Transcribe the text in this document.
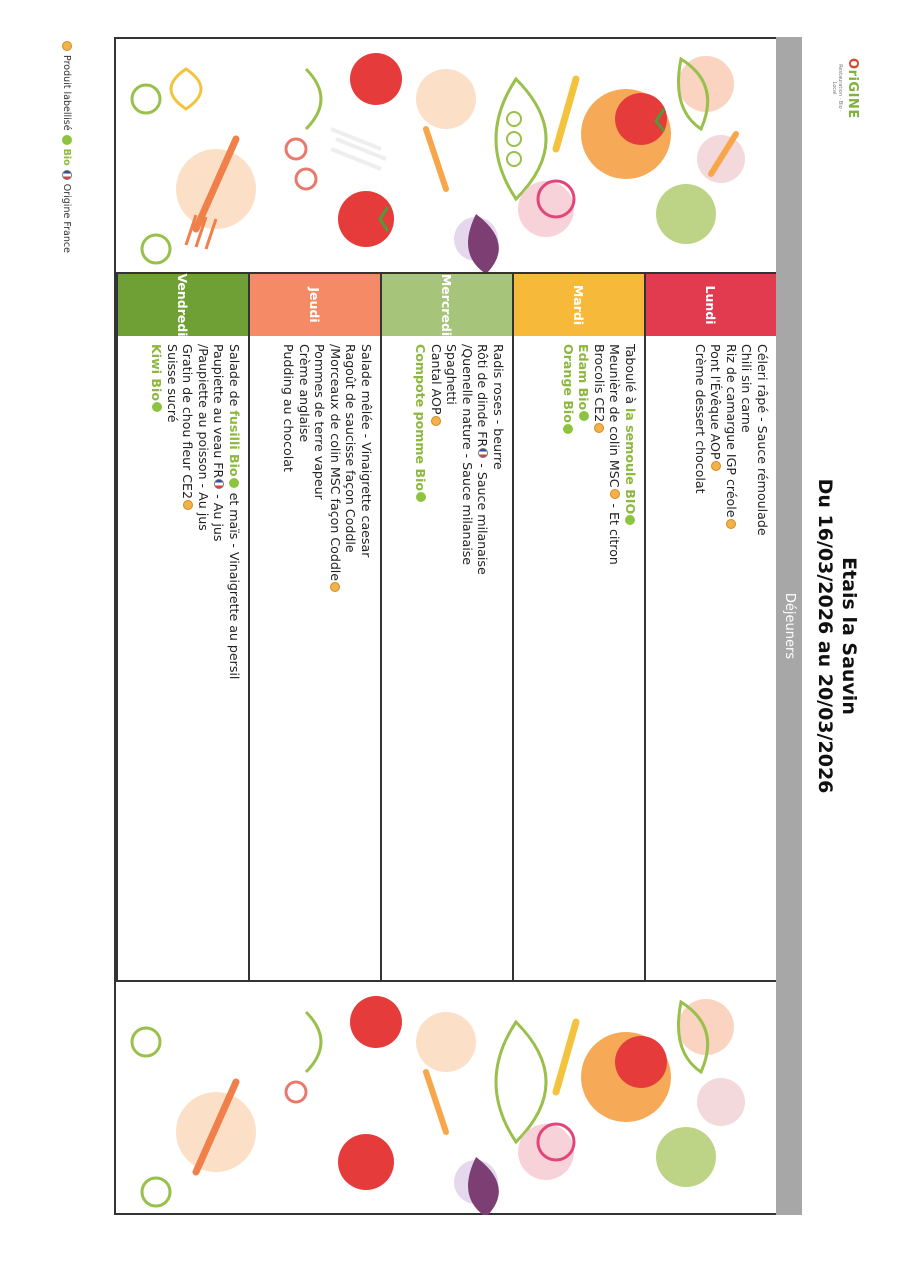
OriGINE
Restauration · Bio · Local
Etais la Sauvin
Du 16/03/2026 au 20/03/2026
Déjeuners
Lundi
Céleri râpé - Sauce rémoulade
Chili sin carne
Riz de camargue IGP créole
Pont l'Évêque AOP
Crème dessert chocolat
Mardi
Taboulé à la semoule BIO
Meunière de colin MSC - Et citron
Brocolis CE2
Edam Bio
Orange Bio
Mercredi
Radis roses - beurre
Rôti de dinde FR - Sauce milanaise
/Quenelle nature - Sauce milanaise
Spaghetti
Cantal AOP
Compote pomme Bio
Jeudi
Salade mêlée - Vinaigrette caesar
Ragoût de saucisse façon Coddle
/Morceaux de colin MSC façon Coddle
Pommes de terre vapeur
Crème anglaise
Pudding au chocolat
Vendredi
Salade de fusilli Bio et maïs - Vinaigrette au persil
Paupiette au veau FR - Au jus
/Paupiette au poisson - Au jus
Gratin de chou fleur CE2
Suisse sucré
Kiwi Bio
Produit labellisé  Bio  Origine France
